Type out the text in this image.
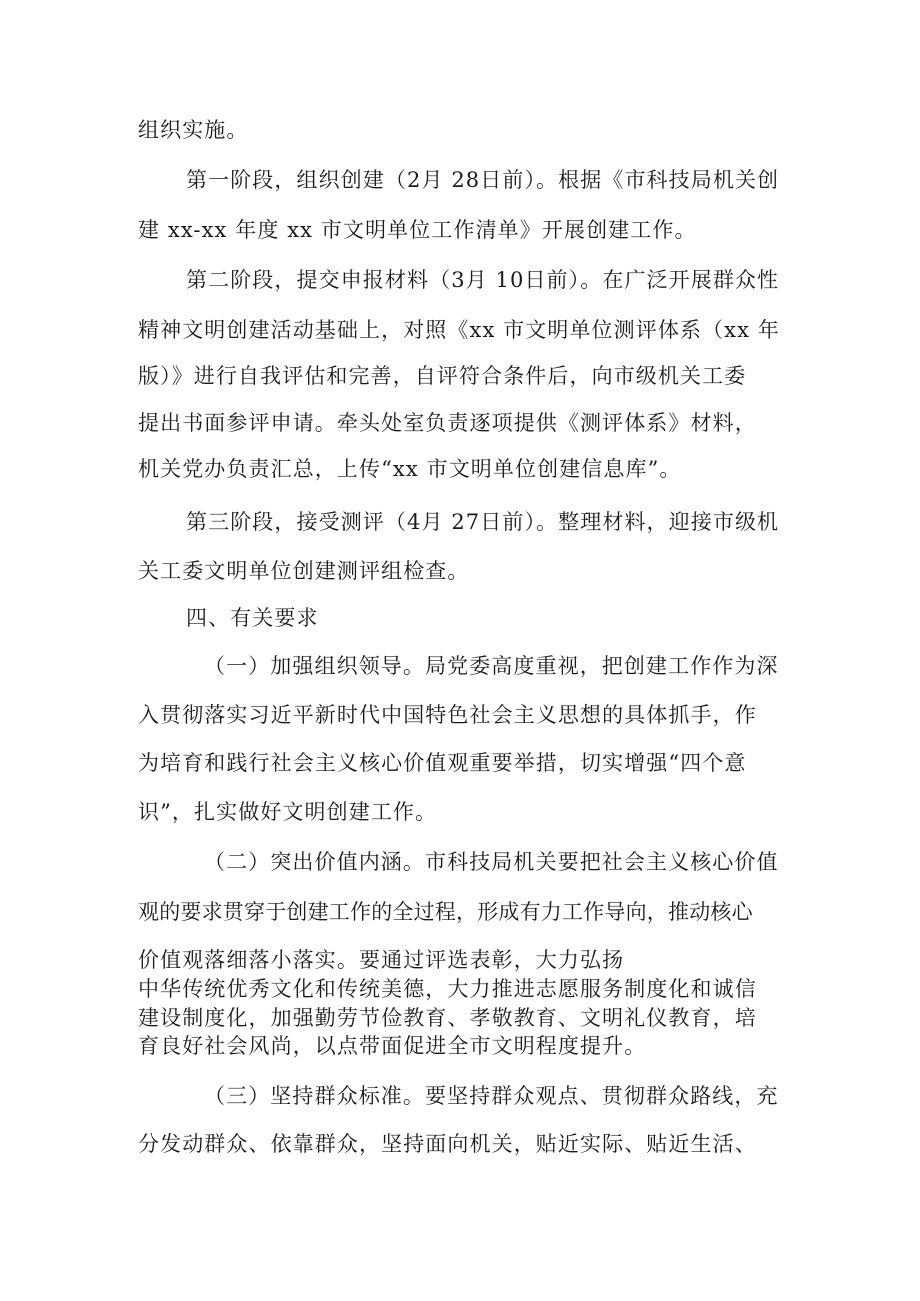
组织实施。
第一阶段，组织创建（2月 28日前）。根据《市科技局机关创
建 xx-xx 年度 xx 市文明单位工作清单》开展创建工作。
第二阶段，提交申报材料（3月 10日前）。在广泛开展群众性
精神文明创建活动基础上，对照《xx 市文明单位测评体系（xx 年
版）》进行自我评估和完善，自评符合条件后，向市级机关工委
提出书面参评申请。牵头处室负责逐项提供《测评体系》材料，
机关党办负责汇总，上传“xx 市文明单位创建信息库”。
第三阶段，接受测评（4月 27日前）。整理材料，迎接市级机
关工委文明单位创建测评组检查。
四、有关要求
（一）加强组织领导。局党委高度重视，把创建工作作为深
入贯彻落实习近平新时代中国特色社会主义思想的具体抓手，作
为培育和践行社会主义核心价值观重要举措，切实增强“四个意
识”，扎实做好文明创建工作。
（二）突出价值内涵。市科技局机关要把社会主义核心价值
观的要求贯穿于创建工作的全过程，形成有力工作导向，推动核心
价值观落细落小落实。要通过评选表彰，大力弘扬
中华传统优秀文化和传统美德，大力推进志愿服务制度化和诚信
建设制度化，加强勤劳节俭教育、孝敬教育、文明礼仪教育，培
育良好社会风尚，以点带面促进全市文明程度提升。
（三）坚持群众标准。要坚持群众观点、贯彻群众路线，充
分发动群众、依靠群众，坚持面向机关，贴近实际、贴近生活、
